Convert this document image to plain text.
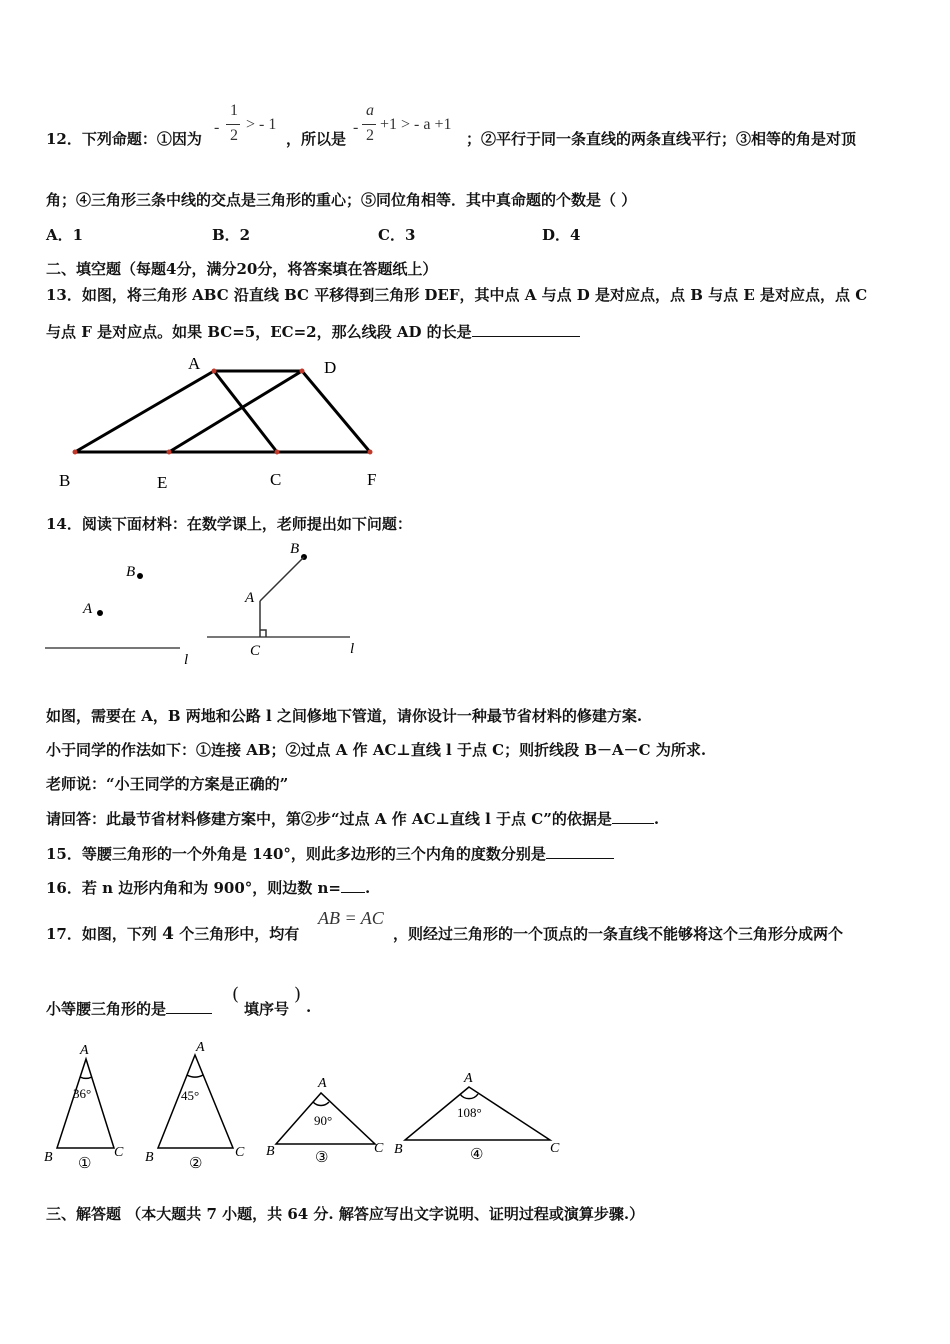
12．下列命题：①因为
-
1
2
> - 1
，所以是
-
a
2
+1 > - a +1
；②平行于同一条直线的两条直线平行；③相等的角是对顶
角；④三角形三条中线的交点是三角形的重心；⑤同位角相等．其中真命题的个数是（ ）
A．1	B．2	C．3	D．4
二、填空题（每题4分，满分20分，将答案填在答题纸上）
13．如图，将三角形 ABC 沿直线 BC 平移得到三角形 DEF，其中点 A 与点 D 是对应点，点 B 与点 E 是对应点，点 C
与点 F 是对应点。如果 BC=5，EC=2，那么线段 AD 的长是
A	D
B	E	C	F
14．阅读下面材料：在数学课上，老师提出如下问题：
B
A
l
B
A
C	l
如图，需要在 A，B 两地和公路 l 之间修地下管道，请你设计一种最节省材料的修建方案.
小于同学的作法如下：①连接 AB；②过点 A 作 AC⊥直线 l 于点 C；则折线段 B－A－C 为所求.
老师说：“小王同学的方案是正确的”
请回答：此最节省材料修建方案中，第②步“过点 A 作 AC⊥直线 l 于点 C”的依据是	.
15．等腰三角形的一个外角是 140°，则此多边形的三个内角的度数分别是
16．若 n 边形内角和为 900°，则边数 n= .
17．如图，下列 4 个三角形中，均有
AB = AC
，则经过三角形的一个顶点的一条直线不能够将这个三角形分成两个
小等腰三角形的是
(
填序号
)
.
A
B	C
A
B	C
A
B	C
A
B	C
36°	45°
90°
108°
①	②	③	④
三、解答题 （本大题共 7 小题，共 64 分. 解答应写出文字说明、证明过程或演算步骤.）
